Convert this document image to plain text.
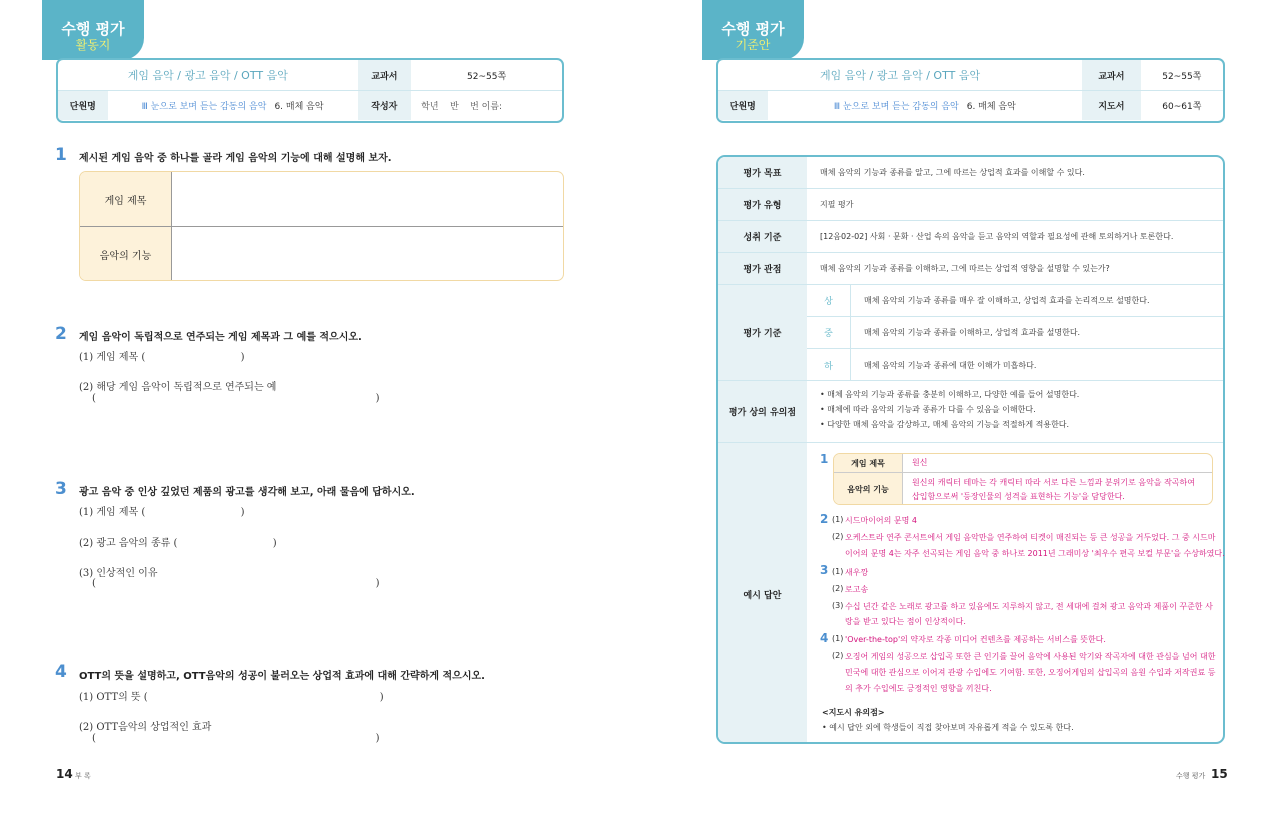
수행 평가
활동지
게임 음악 / 광고 음악 / OTT 음악	교과서	52~55쪽
단원명	Ⅲ 눈으로 보며 듣는 감동의 음악 6. 매체 음악	작성자	학년    반    번 이름:
1 제시된 게임 음악 중 하나를 골라 게임 음악의 기능에 대해 설명해 보자.
게임 제목
음악의 기능
2 게임 음악이 독립적으로 연주되는 게임 제목과 그 예를 적으시오.
(1) 게임 제목 (                              )
(2) 해당 게임 음악이 독립적으로 연주되는 예
(                                                                                        )
3 광고 음악 중 인상 깊었던 제품의 광고를 생각해 보고, 아래 물음에 답하시오.
(1) 게임 제목 (                              )
(2) 광고 음악의 종류 (                              )
(3) 인상적인 이유
(                                                                                        )
4 OTT의 뜻을 설명하고, OTT음악의 성공이 불러오는 상업적 효과에 대해 간략하게 적으시오.
(1) OTT의 뜻 (                                                                         )
(2) OTT음악의 상업적인 효과
(                                                                                        )
14 부 록
수행 평가
기준안
게임 음악 / 광고 음악 / OTT 음악	교과서	52~55쪽
단원명	Ⅲ 눈으로 보며 듣는 감동의 음악 6. 매체 음악	지도서	60~61쪽
평가 목표	매체 음악의 기능과 종류를 알고, 그에 따르는 상업적 효과를 이해할 수 있다.
평가 유형	지필 평가
성취 기준	[12음02-02] 사회 · 문화 · 산업 속의 음악을 듣고 음악의 역할과 필요성에 관해 토의하거나 토론한다.
평가 관점	매체 음악의 기능과 종류를 이해하고, 그에 따르는 상업적 영향을 설명할 수 있는가?
평가 기준
상	매체 음악의 기능과 종류를 매우 잘 이해하고, 상업적 효과를 논리적으로 설명한다.
중	매체 음악의 기능과 종류를 이해하고, 상업적 효과를 설명한다.
하	매체 음악의 기능과 종류에 대한 이해가 미흡하다.
평가 상의 유의점
• 매체 음악의 기능과 종류를 충분히 이해하고, 다양한 예를 들어 설명한다.
• 매체에 따라 음악의 기능과 종류가 다를 수 있음을 이해한다.
• 다양한 매체 음악을 감상하고, 매체 음악의 기능을 적절하게 적용한다.
예시 답안
1	게임 제목	원신
음악의 기능
원신의 캐릭터 테마는 각 캐릭터 따라 서로 다른 느낌과 분위기로 음악을 작곡하여
삽입함으로써 '등장인물의 성격을 표현하는 기능'을 담당한다.
2 (1) 시드마이어의 문명 4
(2) 오케스트라 연주 콘서트에서 게임 음악만을 연주하여 티켓이 매진되는 등 큰 성공을 거두었다. 그 중 시드마
이어의 문명 4는 자주 선곡되는 게임 음악 중 하나로 2011년 그래미상 '최우수 편곡 보컬 부문'을 수상하였다.
3 (1) 새우깡
(2) 로고송
(3) 수십 년간 같은 노래로 광고를 하고 있음에도 지루하지 않고, 전 세대에 걸쳐 광고 음악과 제품이 꾸준한 사
랑을 받고 있다는 점이 인상적이다.
4 (1) 'Over-the-top'의 약자로 각종 미디어 컨텐츠를 제공하는 서비스를 뜻한다.
(2) 오징어 게임의 성공으로 삽입곡 또한 큰 인기를 끌어 음악에 사용된 악기와 작곡자에 대한 관심을 넘어 대한
민국에 대한 관심으로 이어져 관광 수입에도 기여함. 또한, 오징어게임의 삽입곡의 음원 수입과 저작권료 등
의 추가 수입에도 긍정적인 영향을 끼친다.
<지도시 유의점>
• 예시 답안 외에 학생들이 직접 찾아보며 자유롭게 적을 수 있도록 한다.
수행 평가 15
